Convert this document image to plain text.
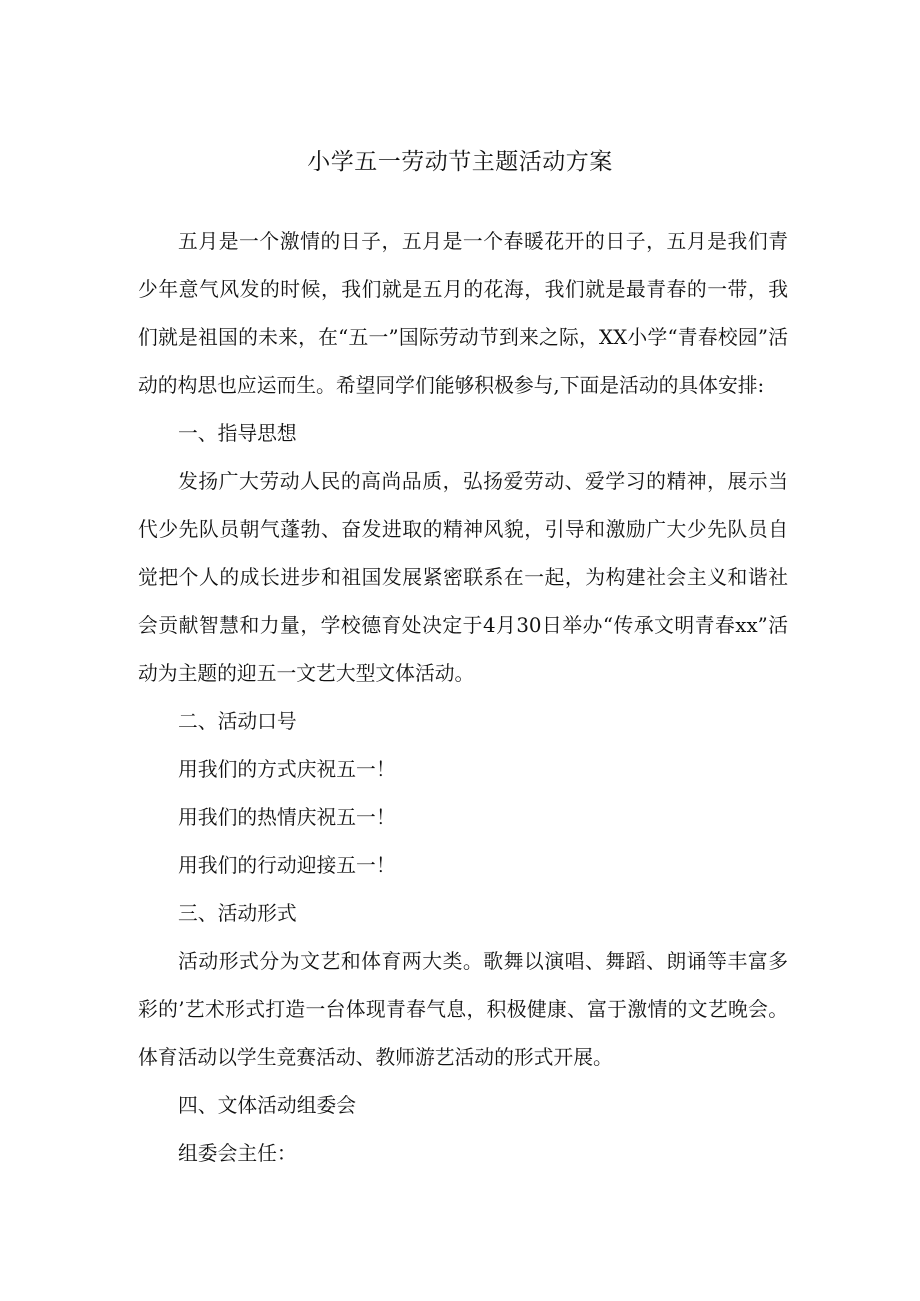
小学五一劳动节主题活动方案

五月是一个激情的日子，五月是一个春暖花开的日子，五月是我们青少年意气风发的时候，我们就是五月的花海，我们就是最青春的一带，我们就是祖国的未来，在“五一”国际劳动节到来之际，XX小学“青春校园”活动的构思也应运而生。希望同学们能够积极参与,下面是活动的具体安排:

一、指导思想

发扬广大劳动人民的高尚品质，弘扬爱劳动、爱学习的精神，展示当代少先队员朝气蓬勃、奋发进取的精神风貌，引导和激励广大少先队员自觉把个人的成长进步和祖国发展紧密联系在一起，为构建社会主义和谐社会贡献智慧和力量，学校德育处决定于4月30日举办“传承文明青春xx”活动为主题的迎五一文艺大型文体活动。

二、活动口号

用我们的方式庆祝五一！

用我们的热情庆祝五一！

用我们的行动迎接五一！

三、活动形式

活动形式分为文艺和体育两大类。歌舞以演唱、舞蹈、朗诵等丰富多彩的’艺术形式打造一台体现青春气息，积极健康、富于激情的文艺晚会。体育活动以学生竞赛活动、教师游艺活动的形式开展。

四、文体活动组委会

组委会主任：
